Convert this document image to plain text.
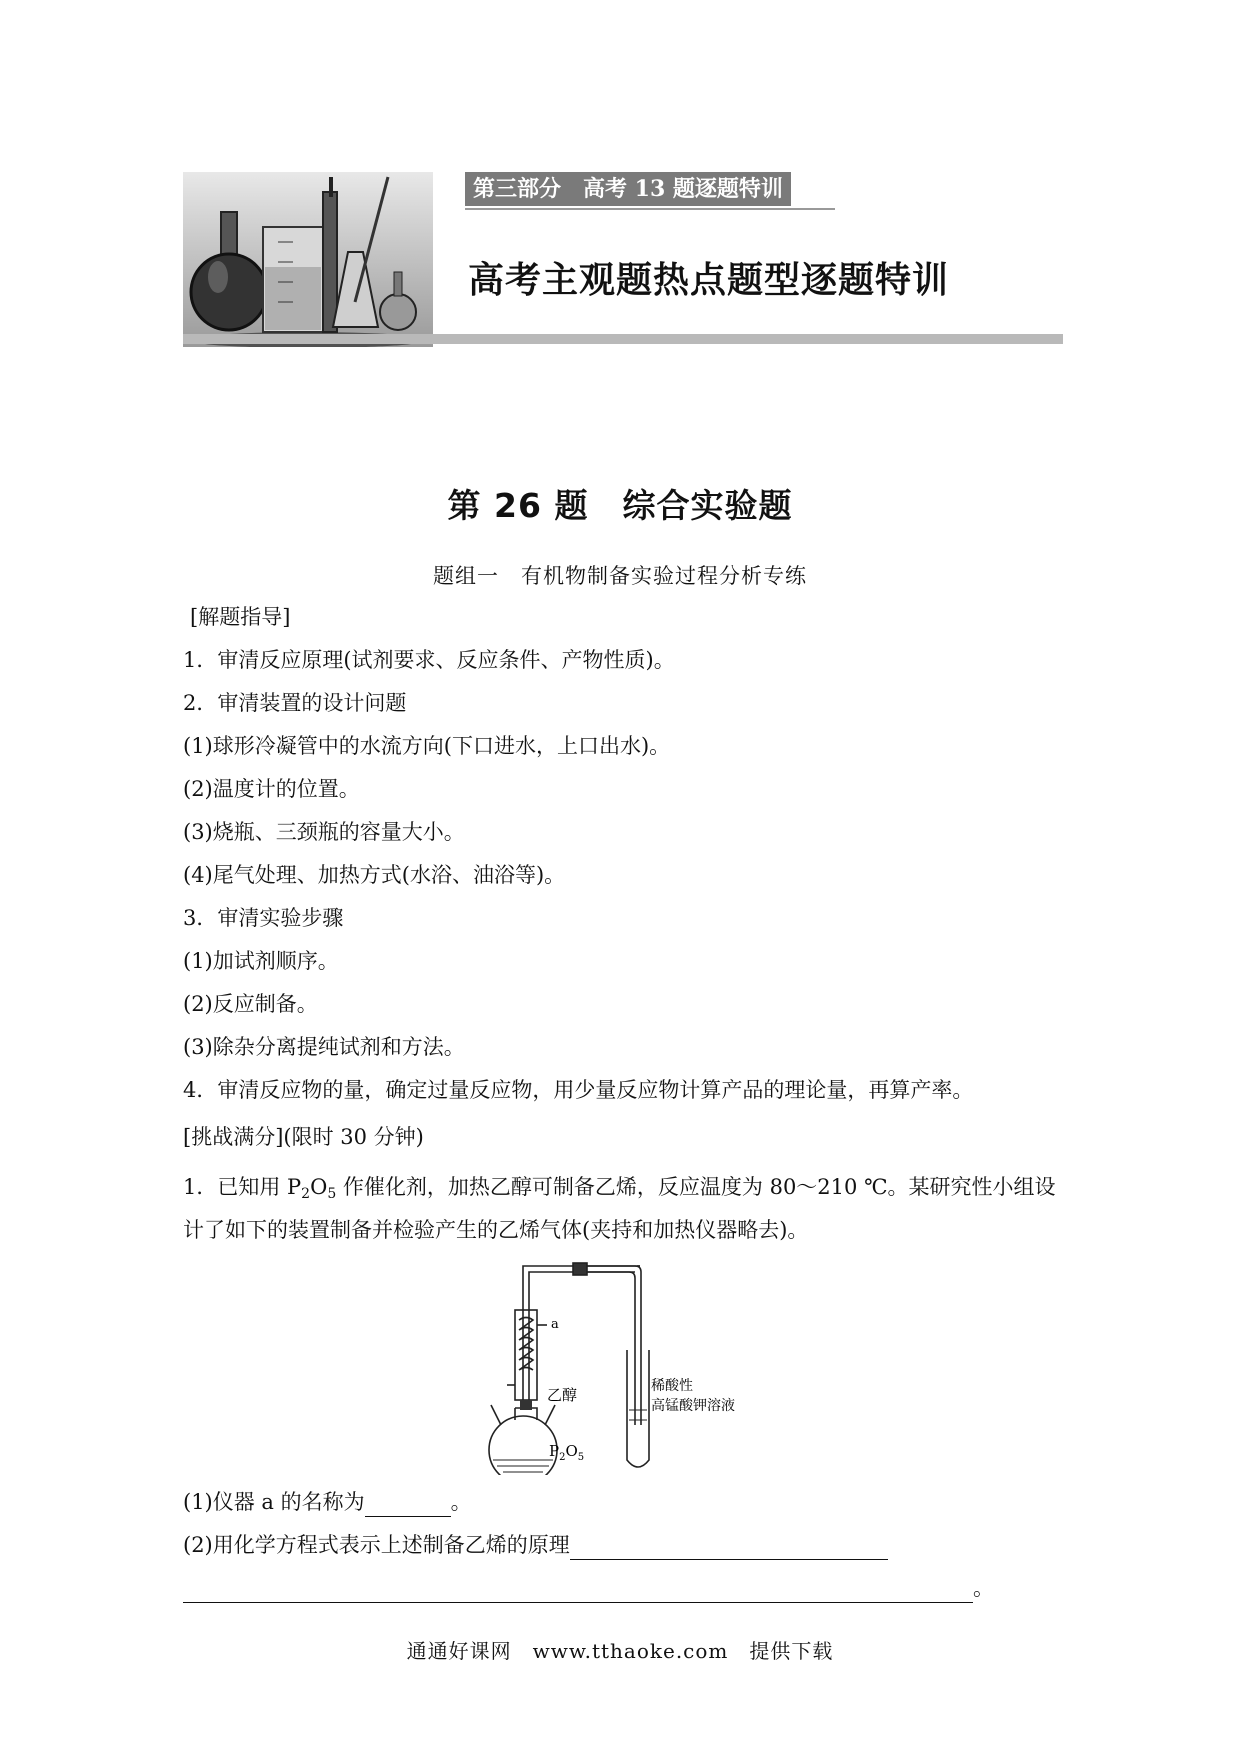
第三部分　高考 13 题逐题特训
高考主观题热点题型逐题特训
第 26 题　综合实验题
题组一　有机物制备实验过程分析专练
[解题指导]
1．审清反应原理(试剂要求、反应条件、产物性质)。
2．审清装置的设计问题
(1)球形冷凝管中的水流方向(下口进水，上口出水)。
(2)温度计的位置。
(3)烧瓶、三颈瓶的容量大小。
(4)尾气处理、加热方式(水浴、油浴等)。
3．审清实验步骤
(1)加试剂顺序。
(2)反应制备。
(3)除杂分离提纯试剂和方法。
4．审清反应物的量，确定过量反应物，用少量反应物计算产品的理论量，再算产率。
[挑战满分](限时 30 分钟)
1．已知用 $P_2O_5$ 作催化剂，加热乙醇可制备乙烯，反应温度为 80～210 ℃。某研究性小组设
计了如下的装置制备并检验产生的乙烯气体(夹持和加热仪器略去)。
a
乙醇
$P_2O_5$
稀酸性
高锰酸钾溶液
(1)仪器 a 的名称为	。
(2)用化学方程式表示上述制备乙烯的原理
。
通通好课网　www.tthaoke.com　提供下载
